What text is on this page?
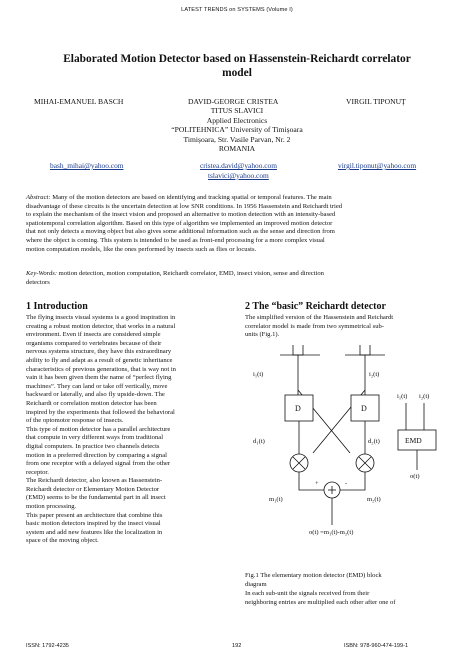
LATEST TRENDS on SYSTEMS (Volume I)
Elaborated Motion Detector based on Hassenstein-Reichardt correlator
model
MIHAI-EMANUEL BASCH	DAVID-GEORGE CRISTEA	VIRGIL TIPONUȚ
TITUS SLAVICI
Applied Electronics
“POLITEHNICA” University of Timișoara
Timișoara, Str. Vasile Parvan, Nr. 2
ROMANIA
bash_mihai@yahoo.com	cristea.david@yahoo.com	virgil.tiponut@yahoo.com
tslavici@yahoo.com
Abstract: Many of the motion detectors are based on identifying and tracking spatial or temporal features. The main
disadvantage of these circuits is the uncertain detection at low SNR conditions. In 1956 Hassenstein and Reichardt tried
to explain the mechanism of the insect vision and proposed an alternative to motion detection with an intensity-based
spatiotemporal correlation algorithm. Based on this type of algorithm we implemented an improved motion detector
that not only detects a moving object but also gives some additional information such as the sense and direction from
where the object is coming. This system is intended to be used as front-end processing for a more complex visual
motion computation models, like the ones performed by insects such as flies or locusts.
Key-Words: motion detection, motion computation, Reichardt correlator, EMD, insect vision, sense and direction
detectors
1 Introduction
The flying insects visual systems is a good inspiration in
creating a robust motion detector, that works in a natural
environment. Even if insects are considered simple
organisms compared to vertebrates because of their
nervous systems structure, they have this extraordinary
ability to fly and adapt as a result of genetic inheritance
characteristics of previous generations, that is way not in
vain it has been given them the name of “perfect flying
machines”. They can land or take off vertically, move
backward or laterally, and also fly upside-down. The
Reichardt or correlation motion detector has been
inspired by the experiments that followed the behavioral
of the optomotor response of insects.
This type of motion detector has a parallel architecture
that compute in very different ways from traditional
digital computers. In practice two channels detects
motion in a preferred direction by comparing a signal
from one receptor with a delayed signal from the other
receptor.
The Reichardt detector, also known as Hassenstein-
Reichardt detector or Elementary Motion Detector
(EMD) seems to be the fundamental part in all insect
motion processing.
This paper present an architecture that combine this
basic motion detectors inspired by the insect visual
system and add new features like the localization in
space of the moving object.
2 The “basic” Reichardt detector
The simplified version of the Hassenstein and Reichardt
correlator model is made from two symmetrical sub-
units (Fig.1).
i₁(t)	i₂(t)
D	D
d₁(t)	d₂(t)
m₁(t)	m₂(t)
+	-
o(t) =m₁(t)-m₂(t)
i₁(t) i₂(t)
EMD
o(t)
Fig.1 The elementary motion detector (EMD) block
diagram
In each sub-unit the signals received from their
neighboring entries are multiplied each other after one of
ISSN: 1792-4235	192	ISBN: 978-960-474-199-1
